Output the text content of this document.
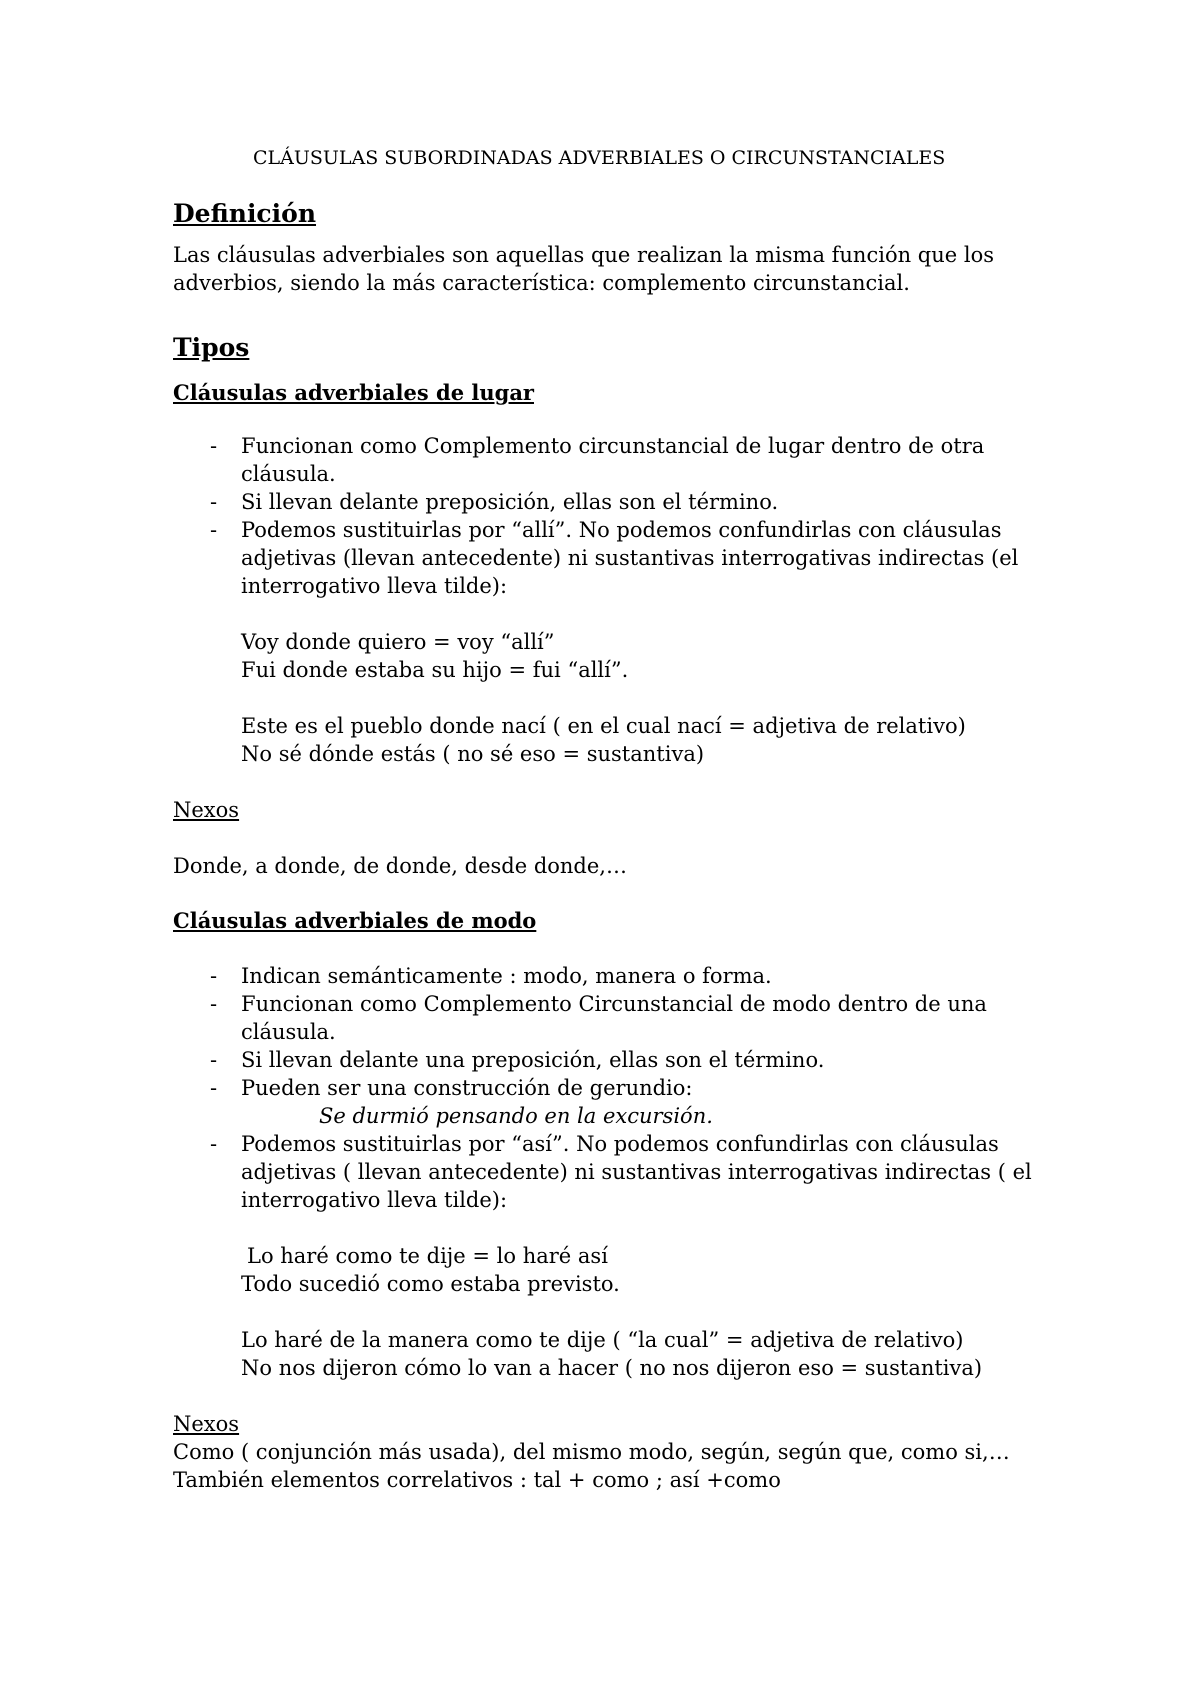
CLÁUSULAS SUBORDINADAS ADVERBIALES O CIRCUNSTANCIALES
Definición
Las cláusulas adverbiales son aquellas que realizan la misma función que los
adverbios, siendo la más característica: complemento circunstancial.
Tipos
Cláusulas adverbiales de lugar
- Funcionan como Complemento circunstancial de lugar dentro de otra
cláusula.
- Si llevan delante preposición, ellas son el término.
- Podemos sustituirlas por “allí”. No podemos confundirlas con cláusulas
adjetivas (llevan antecedente) ni sustantivas interrogativas indirectas (el
interrogativo lleva tilde):
Voy donde quiero = voy “allí”
Fui donde estaba su hijo = fui “allí”.
Este es el pueblo donde nací ( en el cual nací = adjetiva de relativo)
No sé dónde estás ( no sé eso = sustantiva)
Nexos
Donde, a donde, de donde, desde donde,…
Cláusulas adverbiales de modo
- Indican semánticamente : modo, manera o forma.
- Funcionan como Complemento Circunstancial de modo dentro de una
cláusula.
- Si llevan delante una preposición, ellas son el término.
- Pueden ser una construcción de gerundio:
Se durmió pensando en la excursión.
- Podemos sustituirlas por “así”. No podemos confundirlas con cláusulas
adjetivas ( llevan antecedente) ni sustantivas interrogativas indirectas ( el
interrogativo lleva tilde):
Lo haré como te dije = lo haré así
Todo sucedió como estaba previsto.
Lo haré de la manera como te dije ( “la cual” = adjetiva de relativo)
No nos dijeron cómo lo van a hacer ( no nos dijeron eso = sustantiva)
Nexos
Como ( conjunción más usada), del mismo modo, según, según que, como si,…
También elementos correlativos : tal + como ; así +como
